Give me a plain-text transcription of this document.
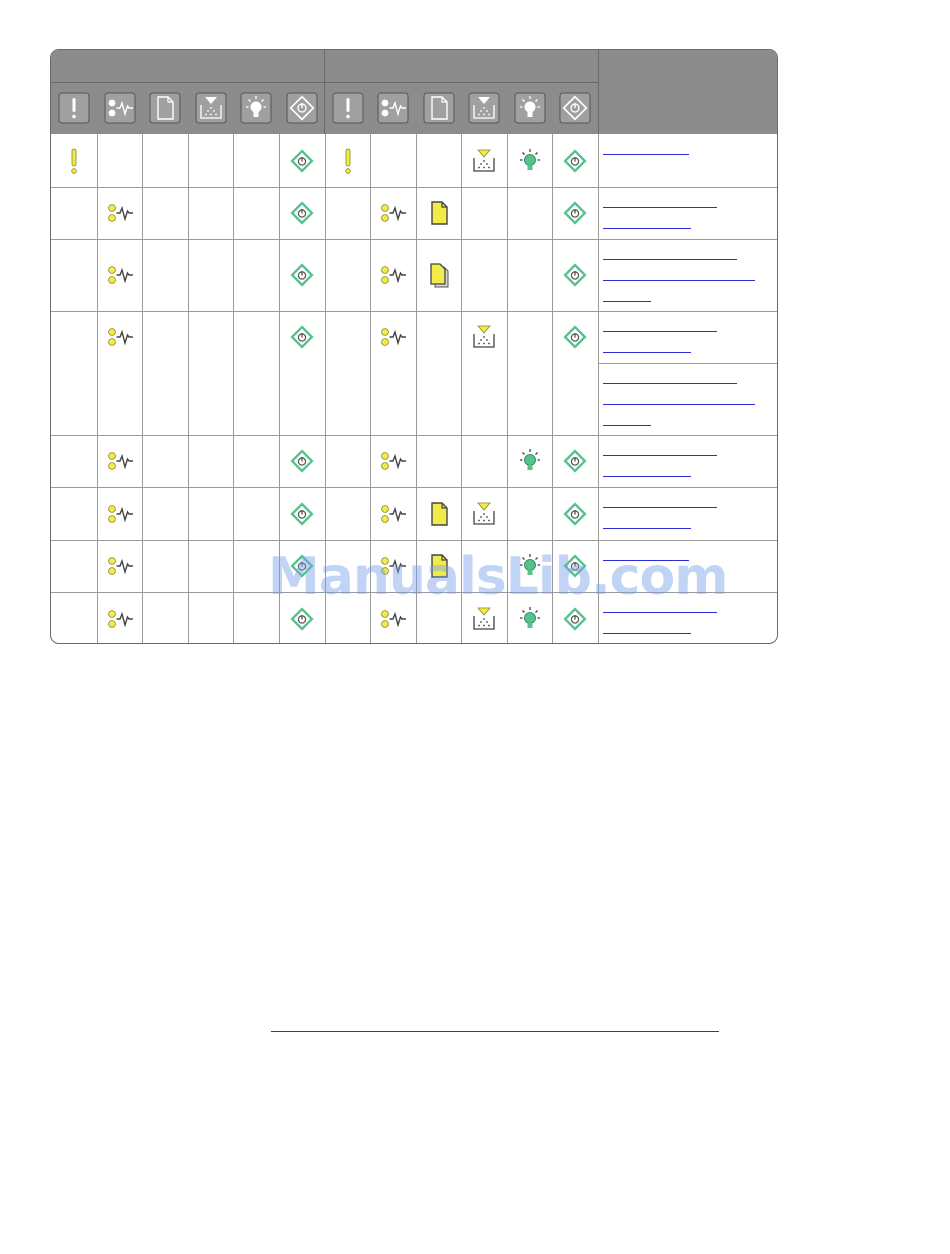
ManualsLib.com
